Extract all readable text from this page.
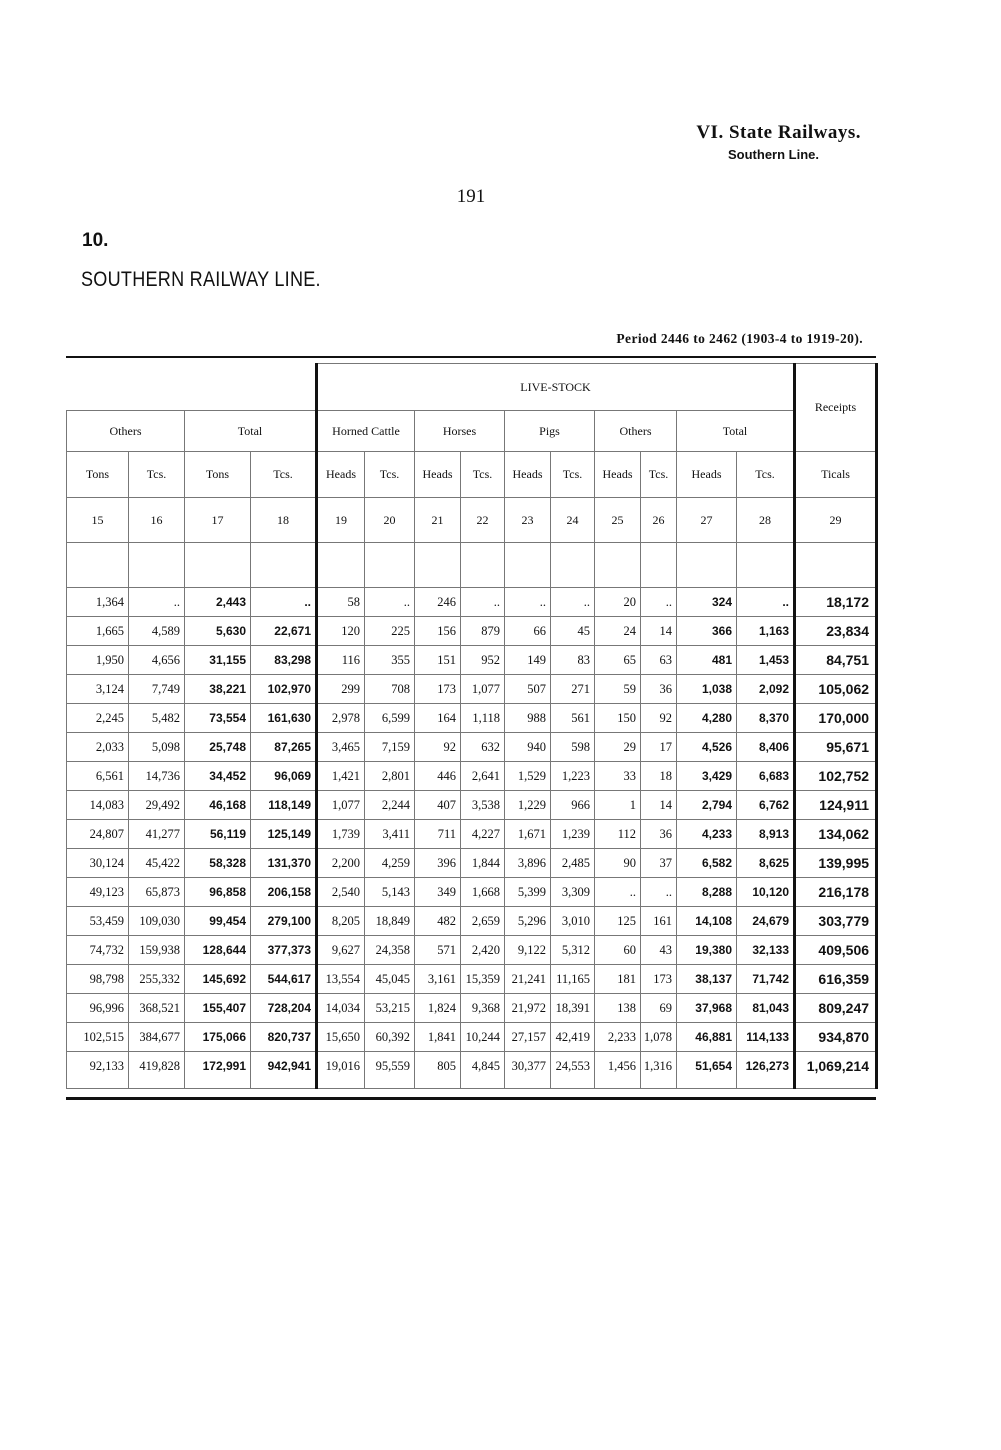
VI. State Railways.
Southern Line.
191
10.
SOUTHERN RAILWAY LINE.
Period 2446 to 2462 (1903-4 to 1919-20).
				LIVE-STOCK										Receipts
Others		Total		Horned Cattle		Horses		Pigs		Others		Total		
Tons	Tcs.	Tons	Tcs.	Heads	Tcs.	Heads	Tcs.	Heads	Tcs.	Heads	Tcs.	Heads	Tcs.	Ticals
15	16	17	18	19	20	21	22	23	24	25	26	27	28	29

1,364	..	2,443	..	58	..	246	..	..	..	20	..	324	..	18,172
1,665	4,589	5,630	22,671	120	225	156	879	66	45	24	14	366	1,163	23,834
1,950	4,656	31,155	83,298	116	355	151	952	149	83	65	63	481	1,453	84,751
3,124	7,749	38,221	102,970	299	708	173	1,077	507	271	59	36	1,038	2,092	105,062
2,245	5,482	73,554	161,630	2,978	6,599	164	1,118	988	561	150	92	4,280	8,370	170,000
2,033	5,098	25,748	87,265	3,465	7,159	92	632	940	598	29	17	4,526	8,406	95,671
6,561	14,736	34,452	96,069	1,421	2,801	446	2,641	1,529	1,223	33	18	3,429	6,683	102,752
14,083	29,492	46,168	118,149	1,077	2,244	407	3,538	1,229	966	1	14	2,794	6,762	124,911
24,807	41,277	56,119	125,149	1,739	3,411	711	4,227	1,671	1,239	112	36	4,233	8,913	134,062
30,124	45,422	58,328	131,370	2,200	4,259	396	1,844	3,896	2,485	90	37	6,582	8,625	139,995
49,123	65,873	96,858	206,158	2,540	5,143	349	1,668	5,399	3,309	..	..	8,288	10,120	216,178
53,459	109,030	99,454	279,100	8,205	18,849	482	2,659	5,296	3,010	125	161	14,108	24,679	303,779
74,732	159,938	128,644	377,373	9,627	24,358	571	2,420	9,122	5,312	60	43	19,380	32,133	409,506
98,798	255,332	145,692	544,617	13,554	45,045	3,161	15,359	21,241	11,165	181	173	38,137	71,742	616,359
96,996	368,521	155,407	728,204	14,034	53,215	1,824	9,368	21,972	18,391	138	69	37,968	81,043	809,247
102,515	384,677	175,066	820,737	15,650	60,392	1,841	10,244	27,157	42,419	2,233	1,078	46,881	114,133	934,870
92,133	419,828	172,991	942,941	19,016	95,559	805	4,845	30,377	24,553	1,456	1,316	51,654	126,273	1,069,214
